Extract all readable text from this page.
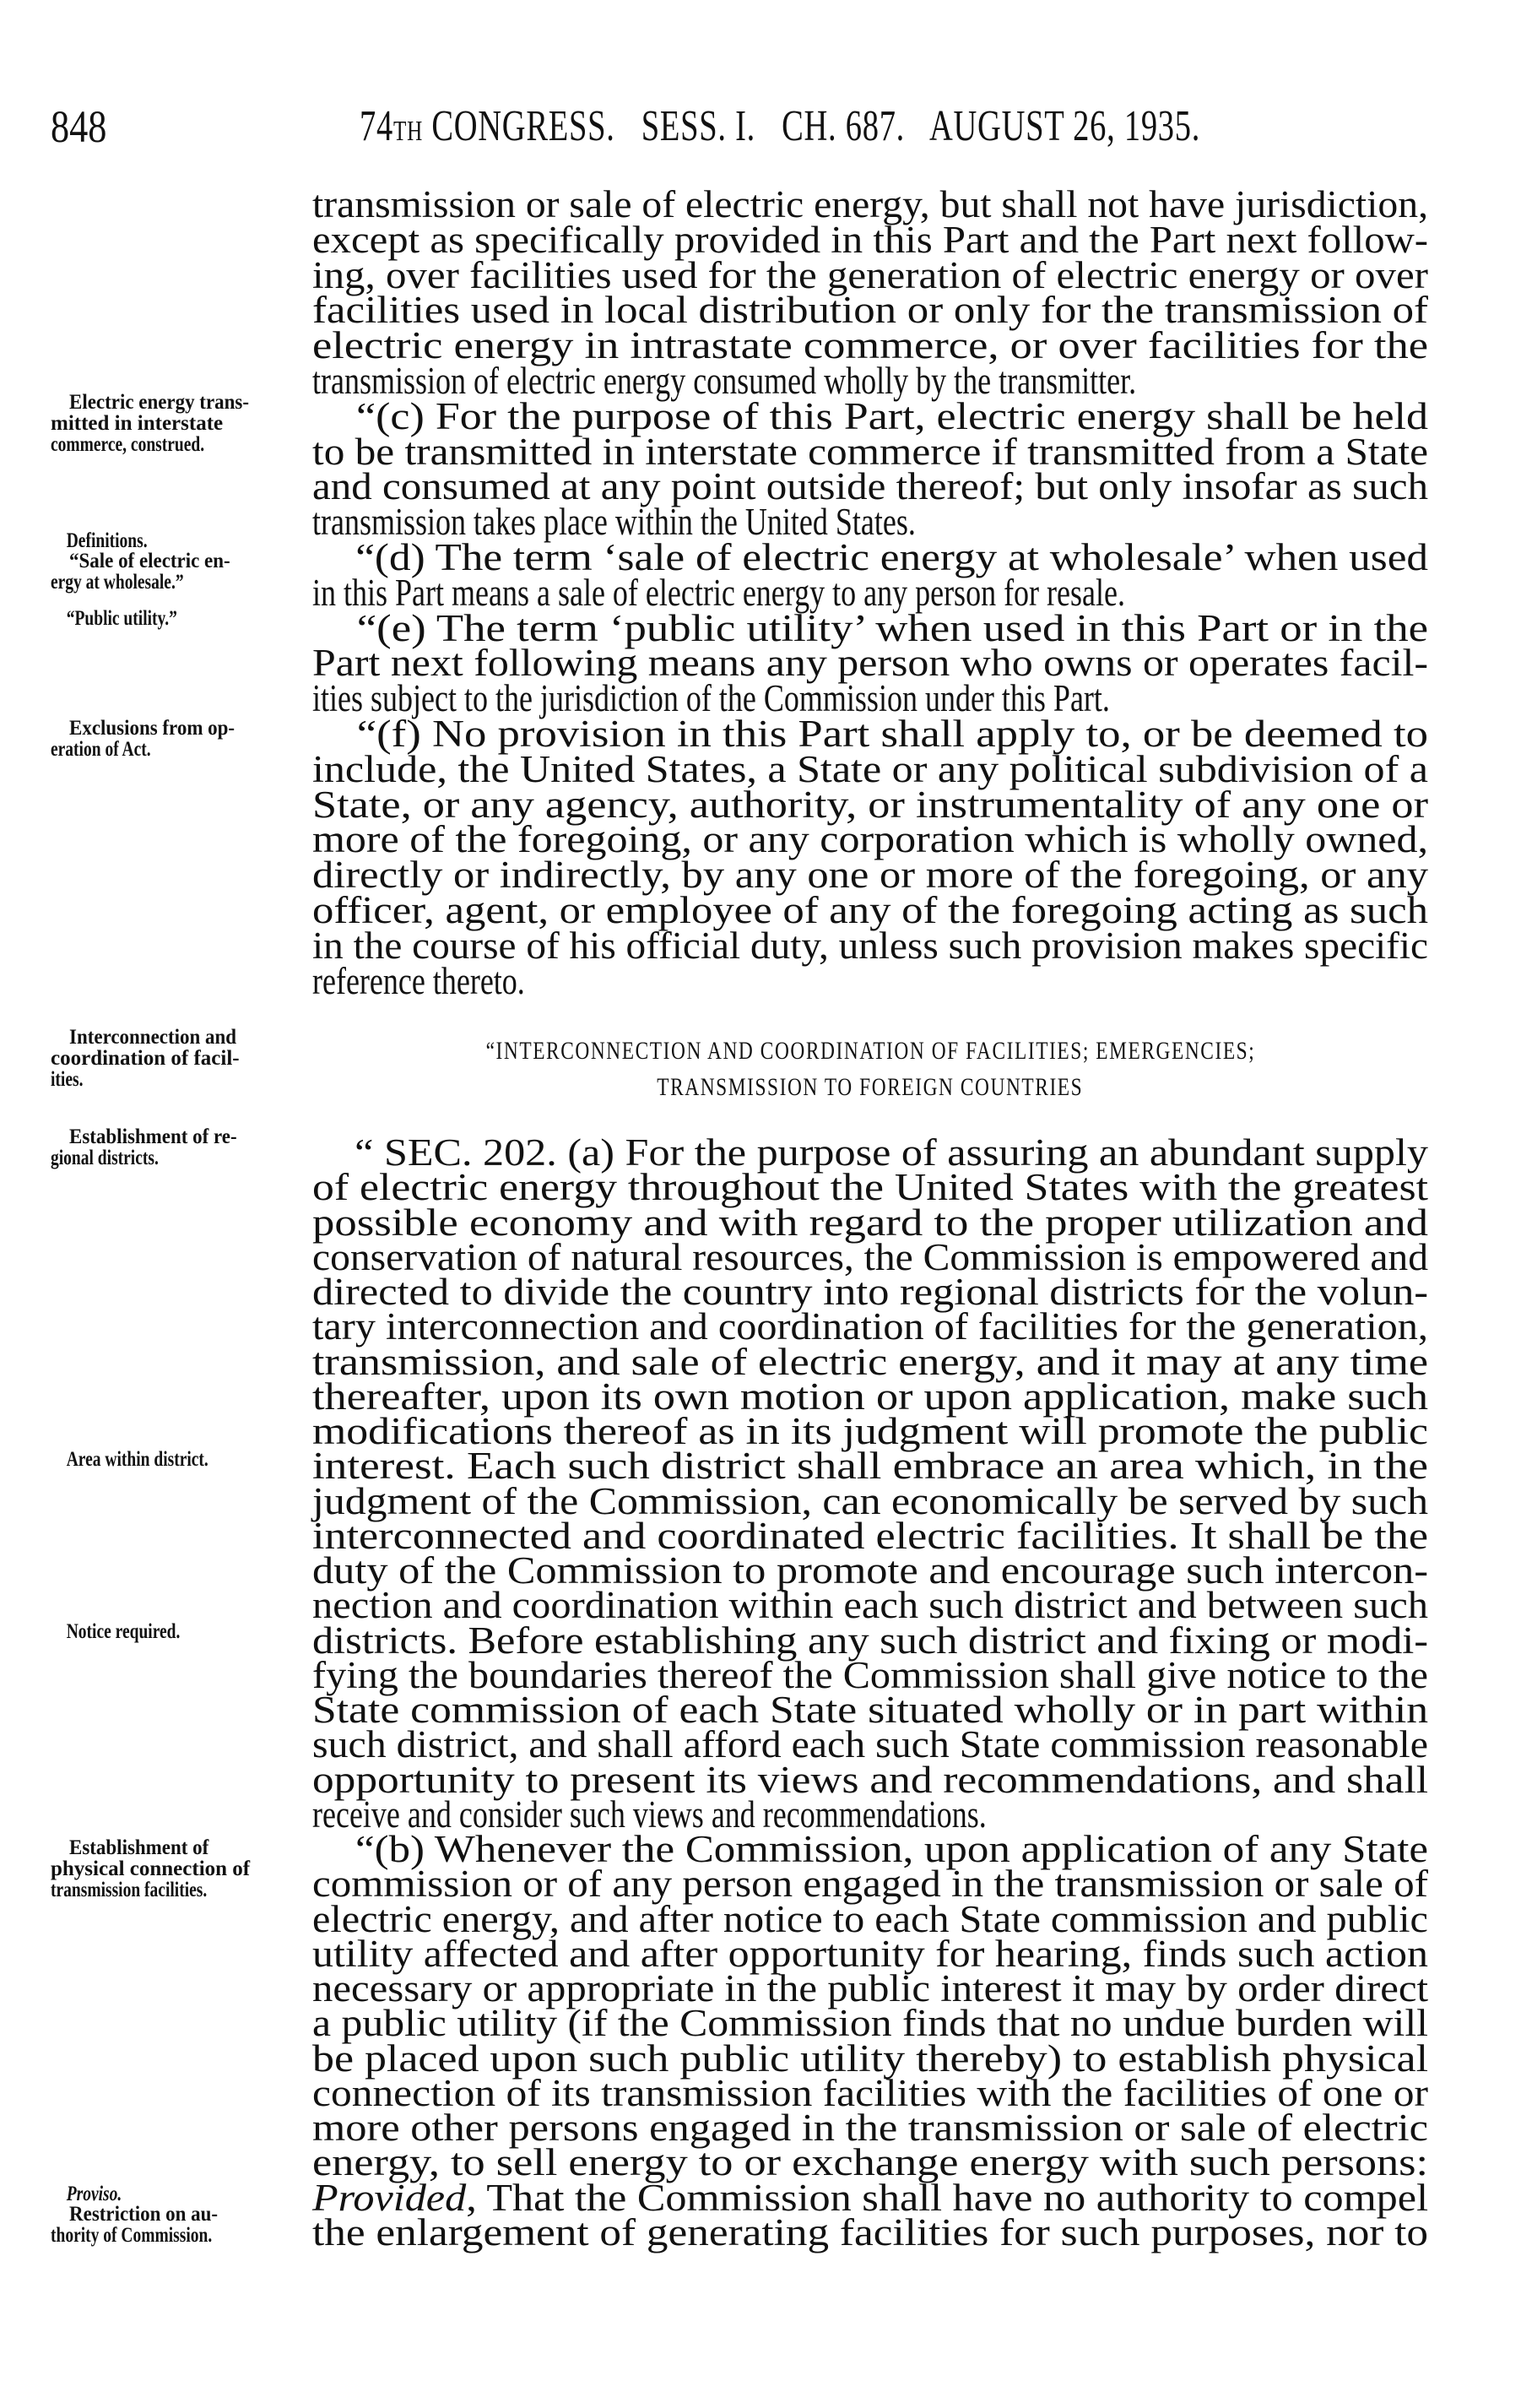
848	74TH CONGRESS.   SESS. I.   CH. 687.   AUGUST 26, 1935.
transmission or sale of electric energy, but shall not have jurisdiction,
except as specifically provided in this Part and the Part next follow-
ing, over facilities used for the generation of electric energy or over
facilities used in local distribution or only for the transmission of
electric energy in intrastate commerce, or over facilities for the
transmission of electric energy consumed wholly by the transmitter.
“(c) For the purpose of this Part, electric energy shall be held
to be transmitted in interstate commerce if transmitted from a State
and consumed at any point outside thereof; but only insofar as such
transmission takes place within the United States.
“(d) The term ‘sale of electric energy at wholesale’ when used
in this Part means a sale of electric energy to any person for resale.
“(e) The term ‘public utility’ when used in this Part or in the
Part next following means any person who owns or operates facil-
ities subject to the jurisdiction of the Commission under this Part.
“(f) No provision in this Part shall apply to, or be deemed to
include, the United States, a State or any political subdivision of a
State, or any agency, authority, or instrumentality of any one or
more of the foregoing, or any corporation which is wholly owned,
directly or indirectly, by any one or more of the foregoing, or any
officer, agent, or employee of any of the foregoing acting as such
in the course of his official duty, unless such provision makes specific
reference thereto.
“INTERCONNECTION AND COORDINATION OF FACILITIES; EMERGENCIES;
TRANSMISSION TO FOREIGN COUNTRIES
“ SEC. 202. (a) For the purpose of assuring an abundant supply
of electric energy throughout the United States with the greatest
possible economy and with regard to the proper utilization and
conservation of natural resources, the Commission is empowered and
directed to divide the country into regional districts for the volun-
tary interconnection and coordination of facilities for the generation,
transmission, and sale of electric energy, and it may at any time
thereafter, upon its own motion or upon application, make such
modifications thereof as in its judgment will promote the public
interest. Each such district shall embrace an area which, in the
judgment of the Commission, can economically be served by such
interconnected and coordinated electric facilities. It shall be the
duty of the Commission to promote and encourage such intercon-
nection and coordination within each such district and between such
districts. Before establishing any such district and fixing or modi-
fying the boundaries thereof the Commission shall give notice to the
State commission of each State situated wholly or in part within
such district, and shall afford each such State commission reasonable
opportunity to present its views and recommendations, and shall
receive and consider such views and recommendations.
“(b) Whenever the Commission, upon application of any State
commission or of any person engaged in the transmission or sale of
electric energy, and after notice to each State commission and public
utility affected and after opportunity for hearing, finds such action
necessary or appropriate in the public interest it may by order direct
a public utility (if the Commission finds that no undue burden will
be placed upon such public utility thereby) to establish physical
connection of its transmission facilities with the facilities of one or
more other persons engaged in the transmission or sale of electric
energy, to sell energy to or exchange energy with such persons:
Provided, That the Commission shall have no authority to compel
the enlargement of generating facilities for such purposes, nor to
Electric energy trans-
mitted in interstate
commerce, construed.
Definitions.
“Sale of electric en-
ergy at wholesale.”
“Public utility.”
Exclusions from op-
eration of Act.
Interconnection and
coordination of facil-
ities.
Establishment of re-
gional districts.
Area within district.
Notice required.
Establishment of
physical connection of
transmission facilities.
Proviso.
Restriction on au-
thority of Commission.
